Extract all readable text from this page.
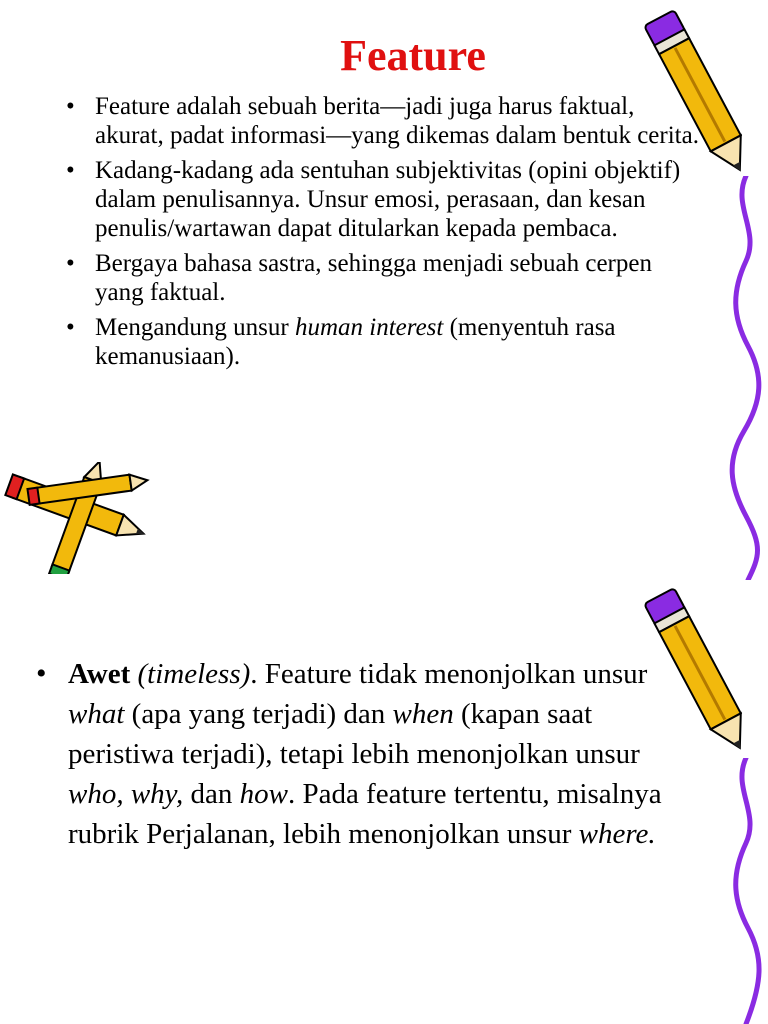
Feature
• Feature adalah sebuah berita—jadi juga harus faktual, akurat, padat informasi—yang dikemas dalam bentuk cerita.
• Kadang-kadang ada sentuhan subjektivitas (opini objektif) dalam penulisannya. Unsur emosi, perasaan, dan kesan penulis/wartawan dapat ditularkan kepada pembaca.
• Bergaya bahasa sastra, sehingga menjadi sebuah cerpen yang faktual.
• Mengandung unsur human interest (menyentuh rasa kemanusiaan).
• Awet (timeless). Feature tidak menonjolkan unsur what (apa yang terjadi) dan when (kapan saat peristiwa terjadi), tetapi lebih menonjolkan unsur who, why, dan how. Pada feature tertentu, misalnya rubrik Perjalanan, lebih menonjolkan unsur where.
